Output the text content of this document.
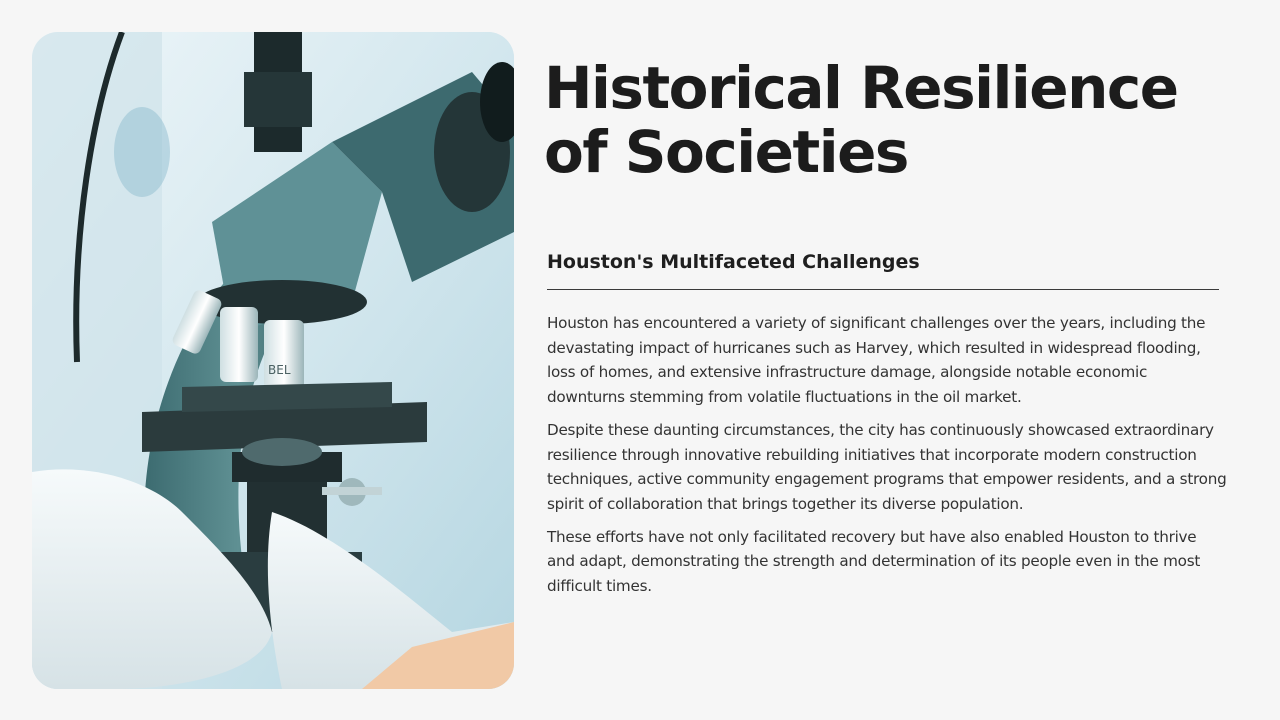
BEL
Historical Resilience of Societies
Houston's Multifaceted Challenges

Houston has encountered a variety of significant challenges over the years, including the devastating impact of hurricanes such as Harvey, which resulted in widespread flooding, loss of homes, and extensive infrastructure damage, alongside notable economic downturns stemming from volatile fluctuations in the oil market.

Despite these daunting circumstances, the city has continuously showcased extraordinary resilience through innovative rebuilding initiatives that incorporate modern construction techniques, active community engagement programs that empower residents, and a strong spirit of collaboration that brings together its diverse population.

These efforts have not only facilitated recovery but have also enabled Houston to thrive and adapt, demonstrating the strength and determination of its people even in the most difficult times.
